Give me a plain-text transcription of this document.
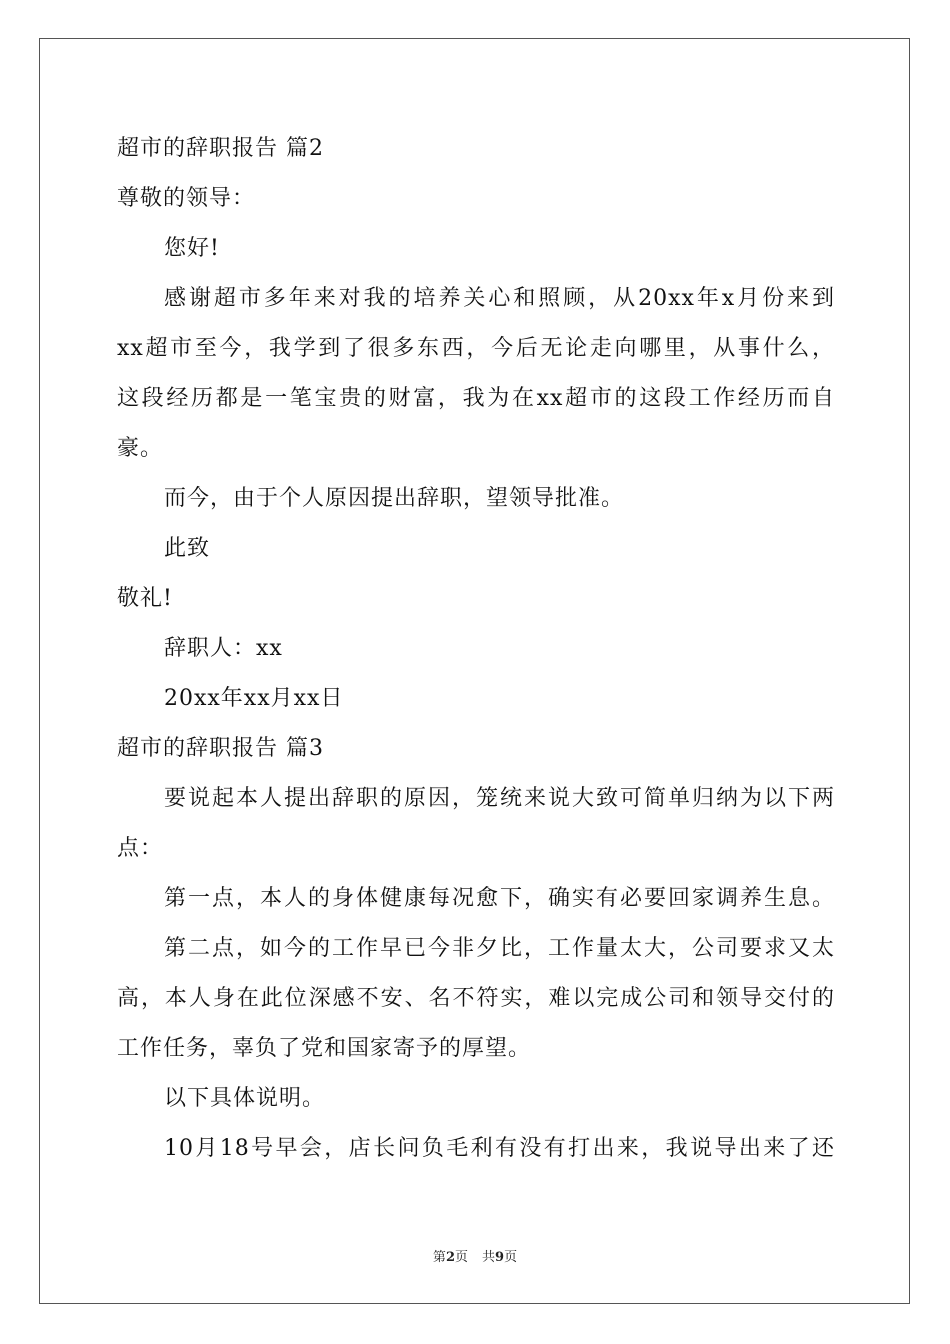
超市的辞职报告 篇2
尊敬的领导：
您好!
感谢超市多年来对我的培养关心和照顾，从20xx年x月份来到
xx超市至今，我学到了很多东西，今后无论走向哪里，从事什么，
这段经历都是一笔宝贵的财富，我为在xx超市的这段工作经历而自
豪。
而今，由于个人原因提出辞职，望领导批准。
此致
敬礼!
辞职人：xx
20xx年xx月xx日
超市的辞职报告 篇3
要说起本人提出辞职的原因，笼统来说大致可简单归纳为以下两
点：
第一点，本人的身体健康每况愈下，确实有必要回家调养生息。
第二点，如今的工作早已今非夕比，工作量太大，公司要求又太
高，本人身在此位深感不安、名不符实，难以完成公司和领导交付的
工作任务，辜负了党和国家寄予的厚望。
以下具体说明。
10月18号早会，店长问负毛利有没有打出来，我说导出来了还
第2页 共9页
